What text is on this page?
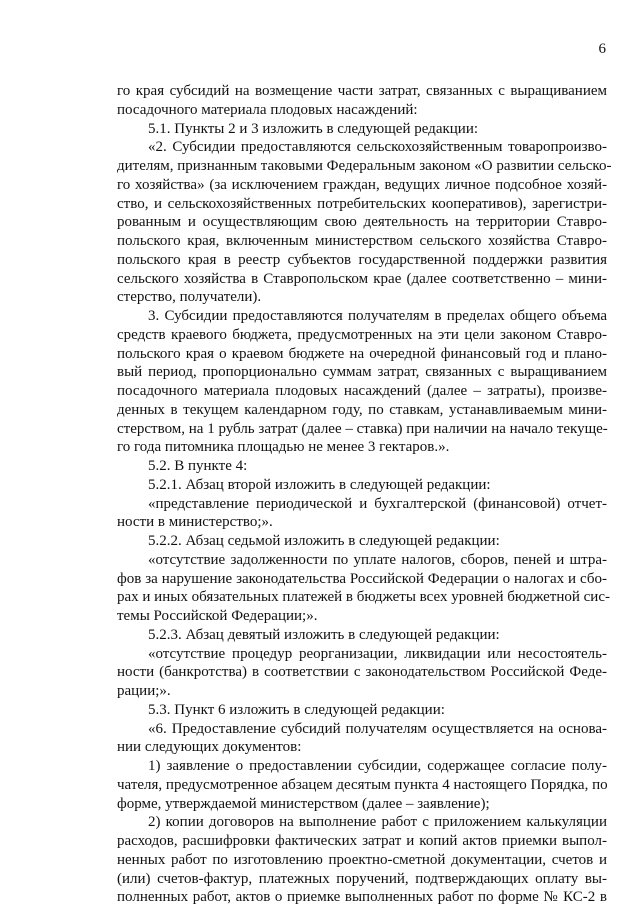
6
го края субсидий на возмещение части затрат, связанных с выращиванием
посадочного материала плодовых насаждений:
5.1. Пункты 2 и 3 изложить в следующей редакции:
«2. Субсидии предоставляются сельскохозяйственным товаропроизво-
дителям, признанным таковыми Федеральным законом «О развитии сельско-
го хозяйства» (за исключением граждан, ведущих личное подсобное хозяй-
ство, и сельскохозяйственных потребительских кооперативов), зарегистри-
рованным и осуществляющим свою деятельность на территории Ставро-
польского края, включенным министерством сельского хозяйства Ставро-
польского края в реестр субъектов государственной поддержки развития
сельского хозяйства в Ставропольском крае (далее соответственно – мини-
стерство, получатели).
3. Субсидии предоставляются получателям в пределах общего объема
средств краевого бюджета, предусмотренных на эти цели законом Ставро-
польского края о краевом бюджете на очередной финансовый год и плано-
вый период, пропорционально суммам затрат, связанных с выращиванием
посадочного материала плодовых насаждений (далее – затраты), произве-
денных в текущем календарном году, по ставкам, устанавливаемым мини-
стерством, на 1 рубль затрат (далее – ставка) при наличии на начало текуще-
го года питомника площадью не менее 3 гектаров.».
5.2. В пункте 4:
5.2.1. Абзац второй изложить в следующей редакции:
«представление периодической и бухгалтерской (финансовой) отчет-
ности в министерство;».
5.2.2. Абзац седьмой изложить в следующей редакции:
«отсутствие задолженности по уплате налогов, сборов, пеней и штра-
фов за нарушение законодательства Российской Федерации о налогах и сбо-
рах и иных обязательных платежей в бюджеты всех уровней бюджетной сис-
темы Российской Федерации;».
5.2.3. Абзац девятый изложить в следующей редакции:
«отсутствие процедур реорганизации, ликвидации или несостоятель-
ности (банкротства) в соответствии с законодательством Российской Феде-
рации;».
5.3. Пункт 6 изложить в следующей редакции:
«6. Предоставление субсидий получателям осуществляется на основа-
нии следующих документов:
1) заявление о предоставлении субсидии, содержащее согласие полу-
чателя, предусмотренное абзацем десятым пункта 4 настоящего Порядка, по
форме, утверждаемой министерством (далее – заявление);
2) копии договоров на выполнение работ с приложением калькуляции
расходов, расшифровки фактических затрат и копий актов приемки выпол-
ненных работ по изготовлению проектно-сметной документации, счетов и
(или) счетов-фактур, платежных поручений, подтверждающих оплату вы-
полненных работ, актов о приемке выполненных работ по форме № КС-2 в
